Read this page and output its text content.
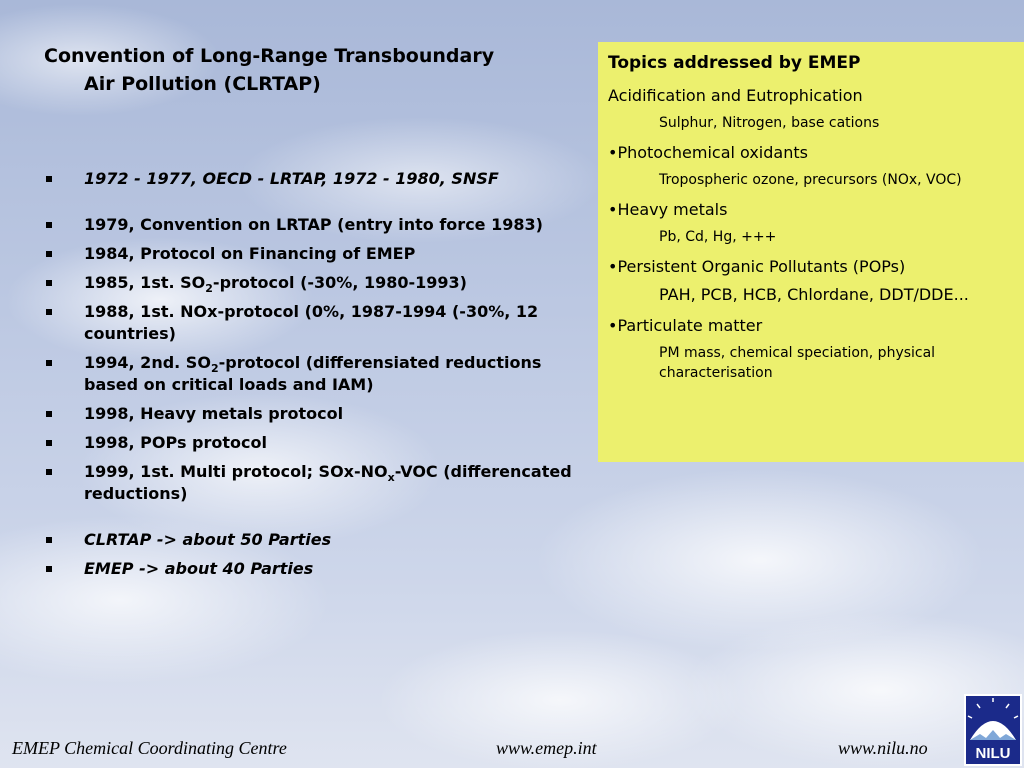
Convention of Long-Range Transboundary
Air Pollution (CLRTAP)
1972 - 1977, OECD - LRTAP, 1972 - 1980, SNSF
1979, Convention on LRTAP (entry into force 1983)
1984, Protocol on Financing of EMEP
1985, 1st. $SO_2$-protocol (-30%, 1980-1993)
1988, 1st. NOx-protocol (0%, 1987-1994 (-30%, 12 countries)
1994, 2nd. $SO_2$-protocol (differensiated reductions based on critical loads and IAM)
1998, Heavy metals protocol
1998, POPs protocol
1999, 1st. Multi protocol; SOx-$NO_x$-VOC (differencated reductions)
CLRTAP -> about 50 Parties
EMEP -> about 40 Parties
Topics addressed by EMEP
Acidification and Eutrophication
Sulphur, Nitrogen, base cations
•Photochemical oxidants
Tropospheric ozone, precursors (NOx, VOC)
•Heavy metals
Pb, Cd, Hg, +++
•Persistent Organic Pollutants (POPs)
PAH, PCB, HCB, Chlordane, DDT/DDE...
•Particulate matter
PM mass, chemical speciation, physical characterisation
EMEP Chemical Coordinating Centre	www.emep.int	www.nilu.no	NILU
